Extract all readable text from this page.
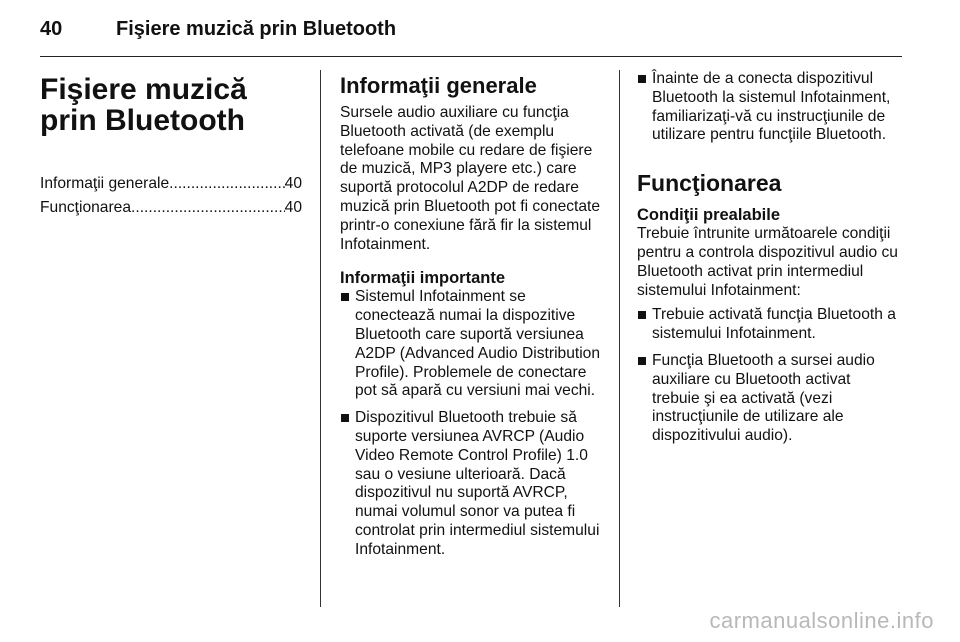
40	Fişiere muzică prin Bluetooth
Fişiere muzică prin Bluetooth
Informaţii generale .....	40
Funcţionarea .....	40
Informaţii generale

Sursele audio auxiliare cu funcţia Bluetooth activată (de exemplu telefoane mobile cu redare de fişiere de muzică, MP3 playere etc.) care suportă protocolul A2DP de redare muzică prin Bluetooth pot fi conectate printr-o conexiune fără fir la sistemul Infotainment.

Informaţii importante
Sistemul Infotainment se conectează numai la dispozitive Bluetooth care suportă versiunea A2DP (Advanced Audio Distribution Profile). Problemele de conectare pot să apară cu versiuni mai vechi.
Dispozitivul Bluetooth trebuie să suporte versiunea AVRCP (Audio Video Remote Control Profile) 1.0 sau o vesiune ulterioară. Dacă dispozitivul nu suportă AVRCP, numai volumul sonor va putea fi controlat prin intermediul sistemului Infotainment.
Înainte de a conecta dispozitivul Bluetooth la sistemul Infotainment, familiarizaţi-vă cu instrucţiunile de utilizare pentru funcţiile Bluetooth.
Funcţionarea
Condiţii prealabile

Trebuie întrunite următoarele condiţii pentru a controla dispozitivul audio cu Bluetooth activat prin intermediul sistemului Infotainment:

Trebuie activată funcţia Bluetooth a sistemului Infotainment.
Funcţia Bluetooth a sursei audio auxiliare cu Bluetooth activat trebuie şi ea activată (vezi instrucţiunile de utilizare ale dispozitivului audio).
carmanualsonline.info
